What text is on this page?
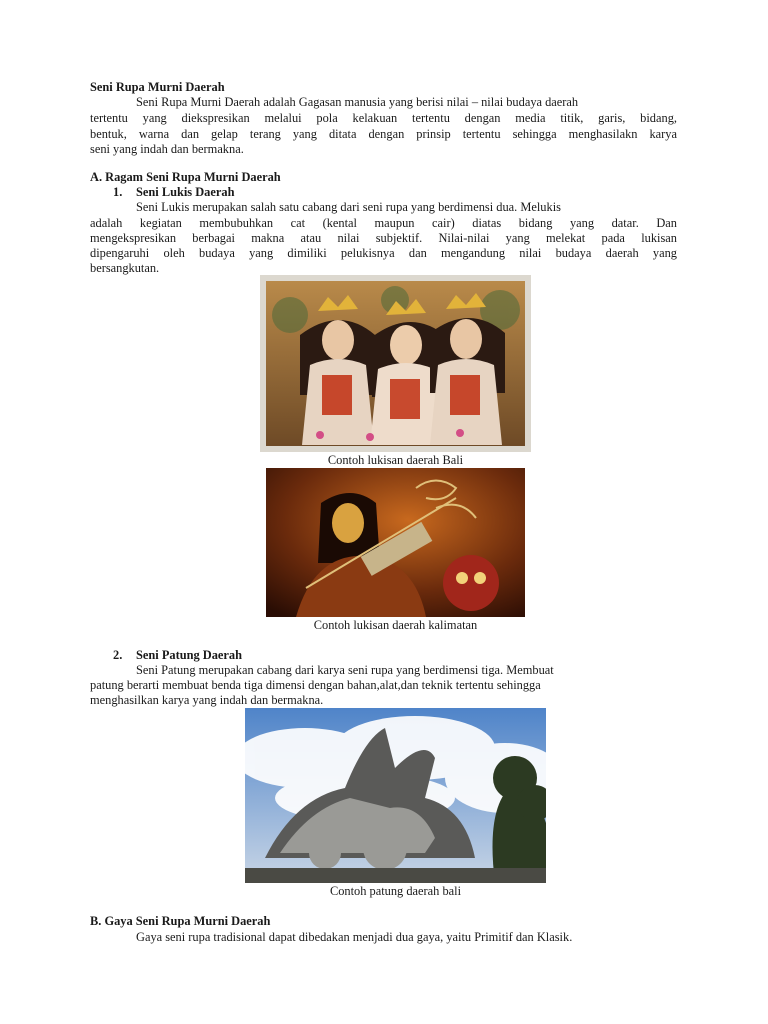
Seni Rupa Murni Daerah
Seni Rupa Murni Daerah adalah Gagasan manusia yang berisi nilai – nilai budaya daerah
tertentu yang diekspresikan melalui pola kelakuan tertentu dengan media titik, garis, bidang,
bentuk, warna dan gelap terang yang ditata dengan prinsip tertentu sehingga menghasilakn karya
seni yang indah dan bermakna.
A. Ragam Seni Rupa Murni Daerah
1. Seni Lukis Daerah
Seni Lukis merupakan salah satu cabang dari seni rupa yang berdimensi dua. Melukis
adalah kegiatan membubuhkan cat (kental maupun cair) diatas bidang yang datar. Dan
mengekspresikan berbagai makna atau nilai subjektif. Nilai-nilai yang melekat pada lukisan
dipengaruhi oleh budaya yang dimiliki pelukisnya dan mengandung nilai budaya daerah yang
bersangkutan.
Contoh lukisan daerah Bali
Contoh lukisan daerah kalimatan
2. Seni Patung Daerah
Seni Patung merupakan cabang dari karya seni rupa yang berdimensi tiga. Membuat
patung berarti membuat benda tiga dimensi dengan bahan,alat,dan teknik tertentu sehingga
menghasilkan karya yang indah dan bermakna.
Contoh patung daerah bali
B. Gaya Seni Rupa Murni Daerah
Gaya seni rupa tradisional dapat dibedakan menjadi dua gaya, yaitu Primitif dan Klasik.
